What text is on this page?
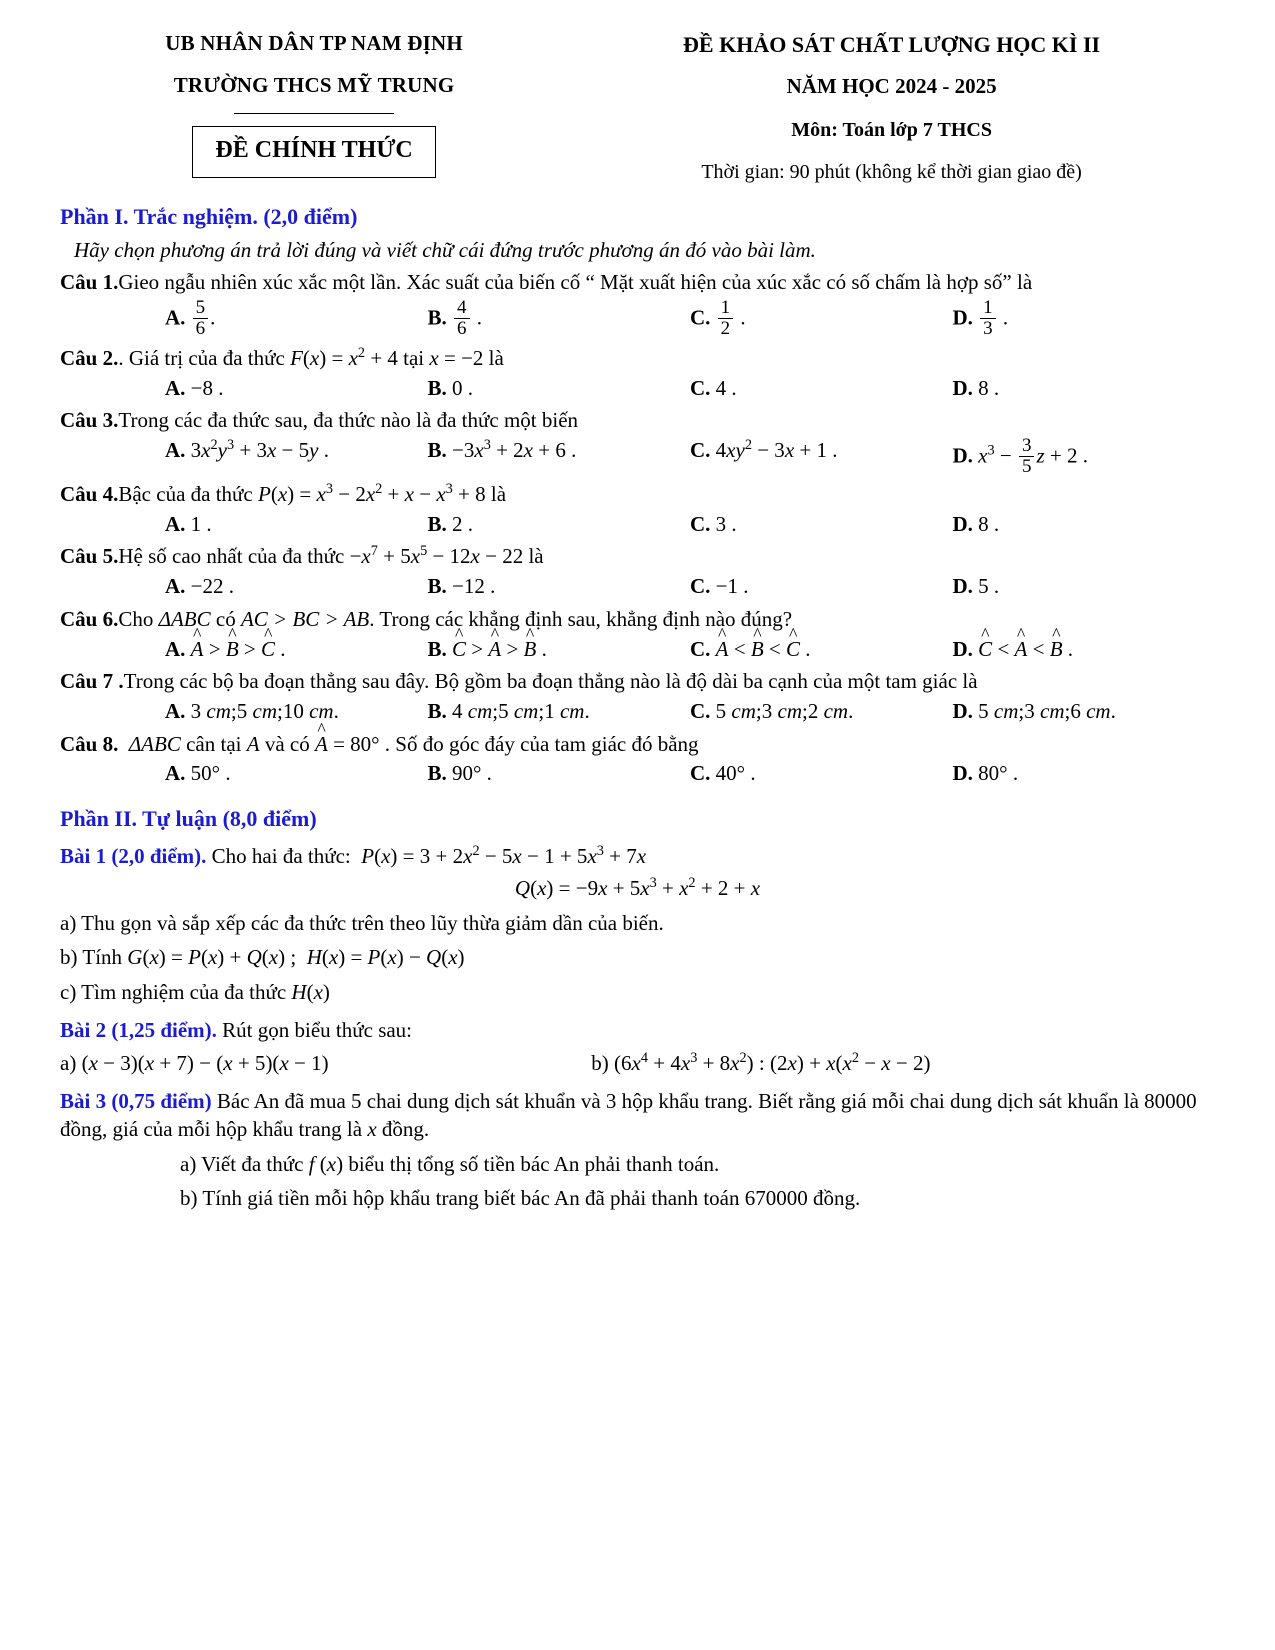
UB NHÂN DÂN TP NAM ĐỊNH
TRƯỜNG THCS MỸ TRUNG
ĐỀ CHÍNH THỨC
ĐỀ KHẢO SÁT CHẤT LƯỢNG HỌC KÌ II
NĂM HỌC 2024 - 2025
Môn: Toán lớp 7 THCS
Thời gian: 90 phút (không kể thời gian giao đề)
Phần I. Trắc nghiệm. (2,0 điểm)
Hãy chọn phương án trả lời đúng và viết chữ cái đứng trước phương án đó vào bài làm.
Câu 1.Gieo ngẫu nhiên xúc xắc một lần. Xác suất của biến cố “ Mặt xuất hiện của xúc xắc có số chấm là hợp số” là
A. $\frac{5}{6}$ .	B. $\frac{4}{6}$ .	C. $\frac{1}{2}$ .	D. $\frac{1}{3}$ .
Câu 2.. Giá trị của đa thức $F(x) = x^2 + 4$ tại x = −2 là
A. −8 .	B. 0 .	C. 4 .	D. 8 .
Câu 3.Trong các đa thức sau, đa thức nào là đa thức một biến
A. $3x^2y^3 + 3x - 5y$ .	B. $-3x^3 + 2x + 6$ .	C. $4xy^2 - 3x + 1$ .	D. $x^3 - \frac{3}{5}$ z + 2 .
Câu 4.Bậc của đa thức $P(x) = x^3 - 2x^2 + x - x^3 + 8$ là
A. 1 .	B. 2 .	C. 3 .	D. 8 .
Câu 5.Hệ số cao nhất của đa thức $-x^7 + 5x^5 - 12x - 22$ là
A. −22 .	B. −12 .	C. −1 .	D. 5 .
Câu 6.Cho ΔABC có AC > BC > AB. Trong các khẳng định sau, khẳng định nào đúng?
A. ^ A > ^ B > ^ C .	B. ^ C > ^ A > ^ B .	C. ^ A < ^ B < ^ C .	D. ^ C < ^ A < ^ B .
Câu 7 .Trong các bộ ba đoạn thẳng sau đây. Bộ gồm ba đoạn thẳng nào là độ dài ba cạnh của một tam giác là
A. 3 cm;5 cm;10 cm.	B. 4 cm;5 cm;1 cm.	C. 5 cm;3 cm;2 cm.	D. 5 cm;3 cm;6 cm.
Câu 8. ΔABC cân tại A và có ^ A = 80° . Số đo góc đáy của tam giác đó bằng
A. 50° .	B. 90° .	C. 40° .	D. 80° .
Phần II. Tự luận (8,0 điểm)
Bài 1 (2,0 điểm). Cho hai đa thức:  $P(x) = 3 + 2x^2 - 5x - 1 + 5x^3 + 7x$
$Q(x) = -9x + 5x^3 + x^2 + 2 + x$
a) Thu gọn và sắp xếp các đa thức trên theo lũy thừa giảm dần của biến.
b) Tính G(x) = P(x) + Q(x) ;  H(x) = P(x) − Q(x)
c) Tìm nghiệm của đa thức H(x)
Bài 2 (1,25 điểm). Rút gọn biểu thức sau:
a) (x − 3)(x + 7) − (x + 5)(x − 1)	b) $(6x^4 + 4x^3 + 8x^2)$ : $(2x) + x(x^2 - x - 2)$
Bài 3 (0,75 điểm) Bác An đã mua 5 chai dung dịch sát khuẩn và 3 hộp khẩu trang. Biết rằng giá mỗi chai dung dịch sát khuẩn là 80000 đồng, giá của mỗi hộp khẩu trang là x đồng.
a) Viết đa thức f (x) biểu thị tổng số tiền bác An phải thanh toán.
b) Tính giá tiền mỗi hộp khẩu trang biết bác An đã phải thanh toán 670000 đồng.
